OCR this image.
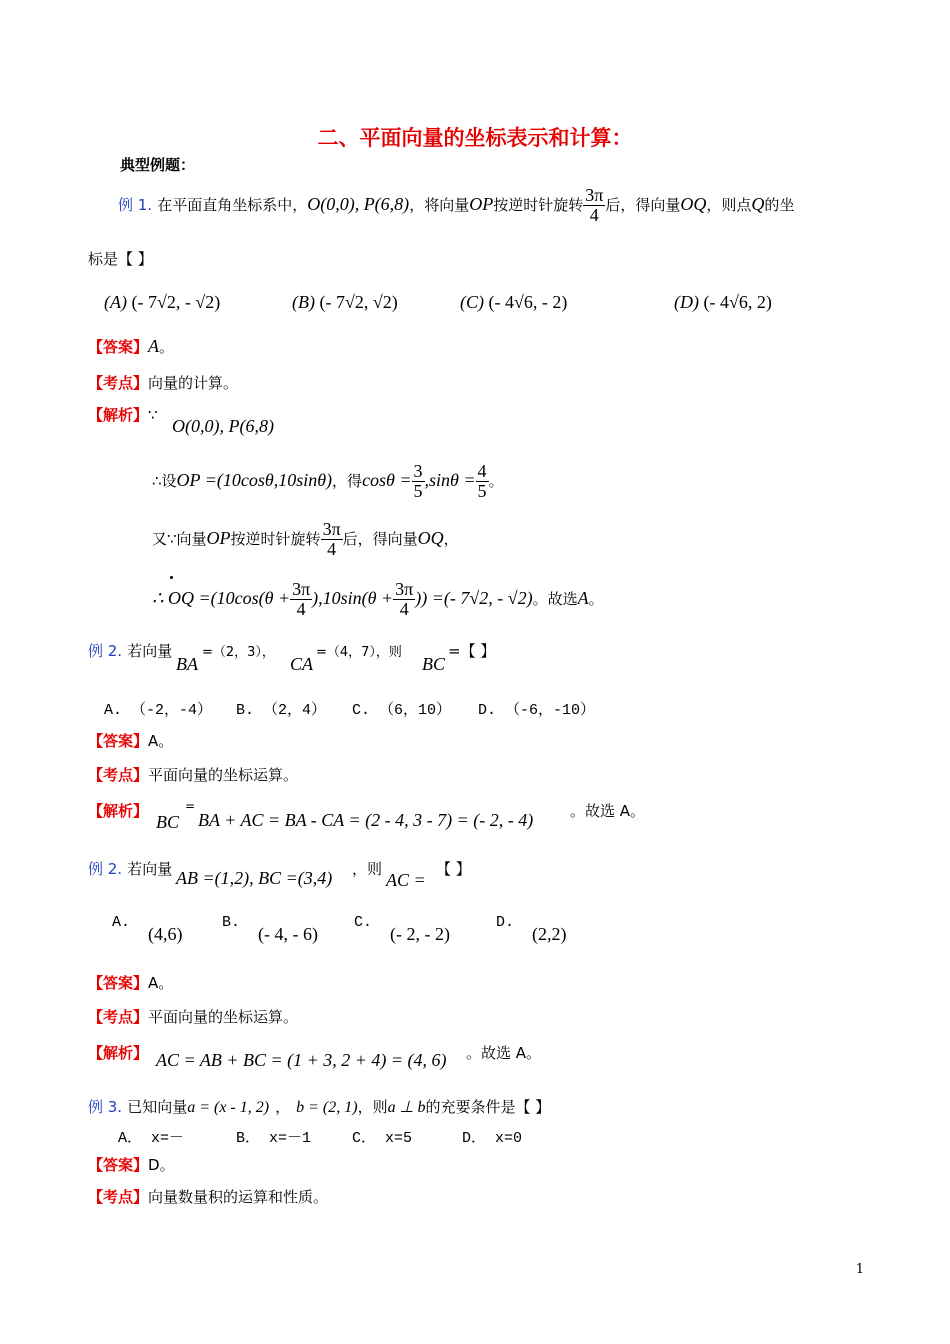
二、平面向量的坐标表示和计算：
典型例题：
例 1. 在平面直角坐标系中，O(0,0), P(6,8)，将向量OP按逆时针旋转 $\frac{3\pi}{4}$ 后，得向量OQ，则点Q的坐
标是【 】
(A) (- 7√2, - √2)	(B) (- 7√2, √2)	(C) (- 4√6, - 2)	(D) (- 4√6, 2)
【答案】A。
【考点】向量的计算。
【解析】∵
O(0,0), P(6,8)
∴设OP =(10cosθ,10sinθ)，得$\cos\theta = \frac{3}{5} ,\sin\theta = \frac{4}{5}$ 。
又∵向量OP按逆时针旋转 $\frac{3\pi}{4}$ 后，得向量OQ，
∴ OQ $=(10\cos(\theta + \frac{3\pi}{4} ),10\sin(\theta + \frac{3\pi}{4}$ )) =(- 7√2, - √2)。故选A。
例 2. 若向量
BA
=（2，3），
CA
=（4，7），则
BC
=【 】
A. （-2，-4） B. （2，4） C. （6，10） D. （-6，-10）
【答案】A。
【考点】平面向量的坐标运算。
【解析】
BC
=
BA + AC = BA - CA = (2 - 4, 3 - 7) = (- 2, - 4) 。故选 A。
例 2. 若向量 AB =(1,2), BC =(3,4) ，则
AC =
【 】
A.
(4,6)
B.
(- 4, - 6)
C.
(- 2, - 2)
D.
(2,2)
【答案】A。
【考点】平面向量的坐标运算。
【解析】 AC = AB + BC = (1 + 3, 2 + 4) = (4, 6) 。故选 A。
例 3. 已知向量a = (x - 1, 2) ， b = (2, 1)，则a ⊥ b的充要条件是【 】
A． x=－	B． x=－1	C． x=5	D． x=0
【答案】D。
【考点】向量数量积的运算和性质。
1
